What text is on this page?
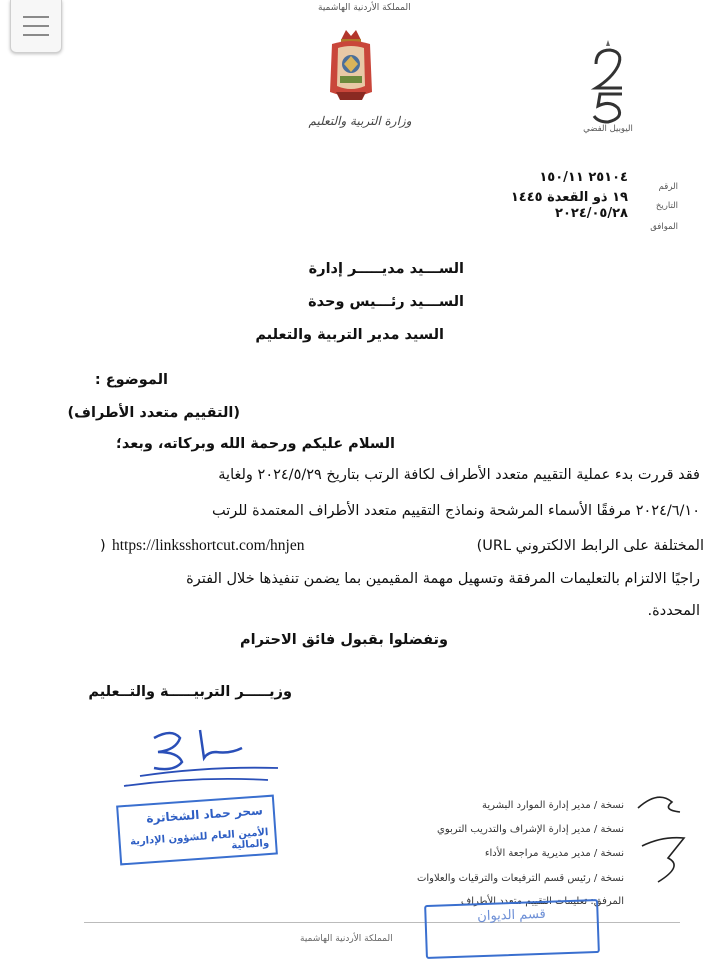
المملكة الأردنية الهاشمية
وزارة التربية والتعليم
اليوبيل الفضي
الرقم
٢٥١٠٤ ١٥٠/١١
التاريخ
١٩ ذو القعدة ١٤٤٥
الموافق
٢٠٢٤/٠٥/٢٨
الســـيد مديـــــر إدارة
الســـيد رئـــيس وحدة
السيد مدير التربية والتعليم
الموضوع :
(التقييم متعدد الأطراف)
السلام عليكم ورحمة الله وبركاته، وبعد؛
فقد قررت بدء عملية التقييم متعدد الأطراف لكافة الرتب بتاريخ ٢٠٢٤/٥/٢٩ ولغاية
٢٠٢٤/٦/١٠ مرفقًا الأسماء المرشحة ونماذج التقييم متعدد الأطراف المعتمدة للرتب
المختلفة على الرابط الالكتروني URL)
https://linksshortcut.com/hnjen
)
راجيًا الالتزام بالتعليمات المرفقة وتسهيل مهمة المقيمين بما يضمن تنفيذها خلال الفترة
المحددة.
وتفضلوا بقبول فائق الاحترام
وزيـــــر التربيـــــة والتــعليم
سحر حماد الشخاترة
الأمين العام للشؤون الإدارية والمالية
نسخة / مدير إدارة الموارد البشرية
نسخة / مدير إدارة الإشراف والتدريب التربوي
نسخة / مدير مديرية مراجعة الأداء
نسخة / رئيس قسم الترفيعات والترقيات والعلاوات
المرفق: تعليمات التقييم متعدد الأطراف
المملكة الأردنية الهاشمية
قسم الديوان
